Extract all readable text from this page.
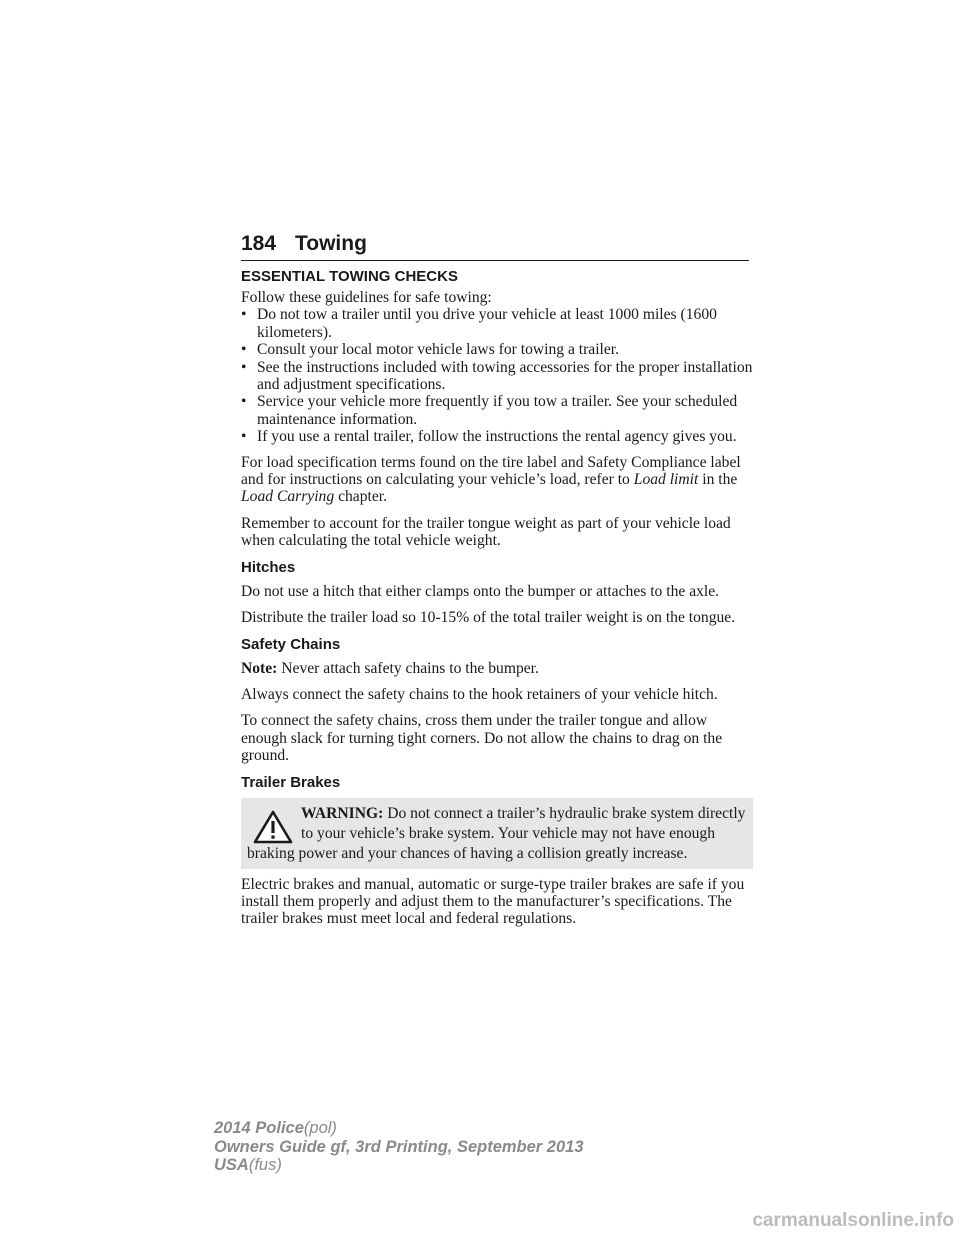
184 Towing
ESSENTIAL TOWING CHECKS

Follow these guidelines for safe towing:

• Do not tow a trailer until you drive your vehicle at least 1000 miles (1600 kilometers).
• Consult your local motor vehicle laws for towing a trailer.
• See the instructions included with towing accessories for the proper installation and adjustment specifications.
• Service your vehicle more frequently if you tow a trailer. See your scheduled maintenance information.
• If you use a rental trailer, follow the instructions the rental agency gives you.

For load specification terms found on the tire label and Safety Compliance label and for instructions on calculating your vehicle’s load, refer to Load limit in the Load Carrying chapter.

Remember to account for the trailer tongue weight as part of your vehicle load when calculating the total vehicle weight.

Hitches

Do not use a hitch that either clamps onto the bumper or attaches to the axle.

Distribute the trailer load so 10-15% of the total trailer weight is on the tongue.

Safety Chains

Note: Never attach safety chains to the bumper.

Always connect the safety chains to the hook retainers of your vehicle hitch.

To connect the safety chains, cross them under the trailer tongue and allow enough slack for turning tight corners. Do not allow the chains to drag on the ground.

Trailer Brakes
WARNING: Do not connect a trailer’s hydraulic brake system directly to your vehicle’s brake system. Your vehicle may not have enough braking power and your chances of having a collision greatly increase.

Electric brakes and manual, automatic or surge-type trailer brakes are safe if you install them properly and adjust them to the manufacturer’s specifications. The trailer brakes must meet local and federal regulations.

2014 Police(pol)
Owners Guide gf, 3rd Printing, September 2013
USA(fus)
carmanualsonline.info
